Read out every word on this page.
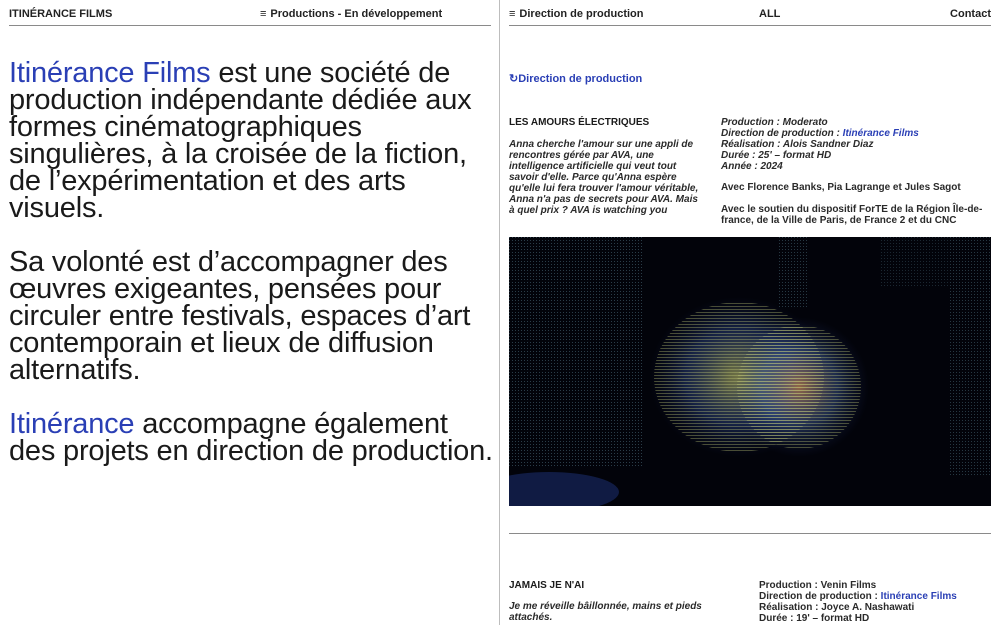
ITINÉRANCE FILMS	≡ Productions - En développement

Itinérance Films est une société de production indépendante dédiée aux formes cinématographiques singulières, à la croisée de la fiction, de l’expérimentation et des arts visuels.

Sa volonté est d’accompagner des œuvres exigeantes, pensées pour circuler entre festivals, espaces d’art contemporain et lieux de diffusion alternatifs.

Itinérance accompagne également des projets en direction de production.

≡ Direction de production	ALL	Contact
↻Direction de production
LES AMOURS ÉLECTRIQUES
Anna cherche l'amour sur une appli de rencontres gérée par AVA, une intelligence artificielle qui veut tout savoir d'elle. Parce qu'Anna espère qu'elle lui fera trouver l'amour véritable, Anna n'a pas de secrets pour AVA. Mais à quel prix ? AVA is watching you
Production : Moderato
Direction de production : Itinérance Films
Réalisation : Alois Sandner Diaz
Durée : 25' – format HD
Année : 2024
Avec Florence Banks, Pia Lagrange et Jules Sagot
Avec le soutien du dispositif ForTE de la Région Île-de-france, de la Ville de Paris, de France 2 et du CNC
JAMAIS JE N'AI
Je me réveille bâillonnée, mains et pieds attachés.
Production : Venin Films
Direction de production : Itinérance Films
Réalisation : Joyce A. Nashawati
Durée : 19' – format HD
